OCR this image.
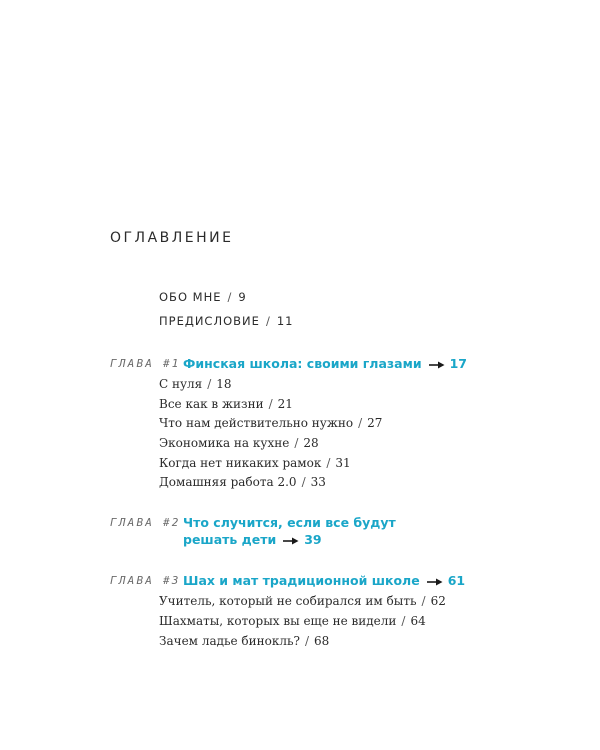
ОГЛАВЛЕНИЕ
ОБО МНЕ / 9
ПРЕДИСЛОВИЕ / 11
ГЛАВА #1 Финская школа: своими глазами 17
С нуля / 18
Все как в жизни / 21
Что нам действительно нужно / 27
Экономика на кухне / 28
Когда нет никаких рамок / 31
Домашняя работа 2.0 / 33
ГЛАВА #2 Что случится, если все будут
решать дети 39
ГЛАВА #3 Шах и мат традиционной школе 61
Учитель, который не собирался им быть / 62
Шахматы, которых вы еще не видели / 64
Зачем ладье бинокль? / 68
